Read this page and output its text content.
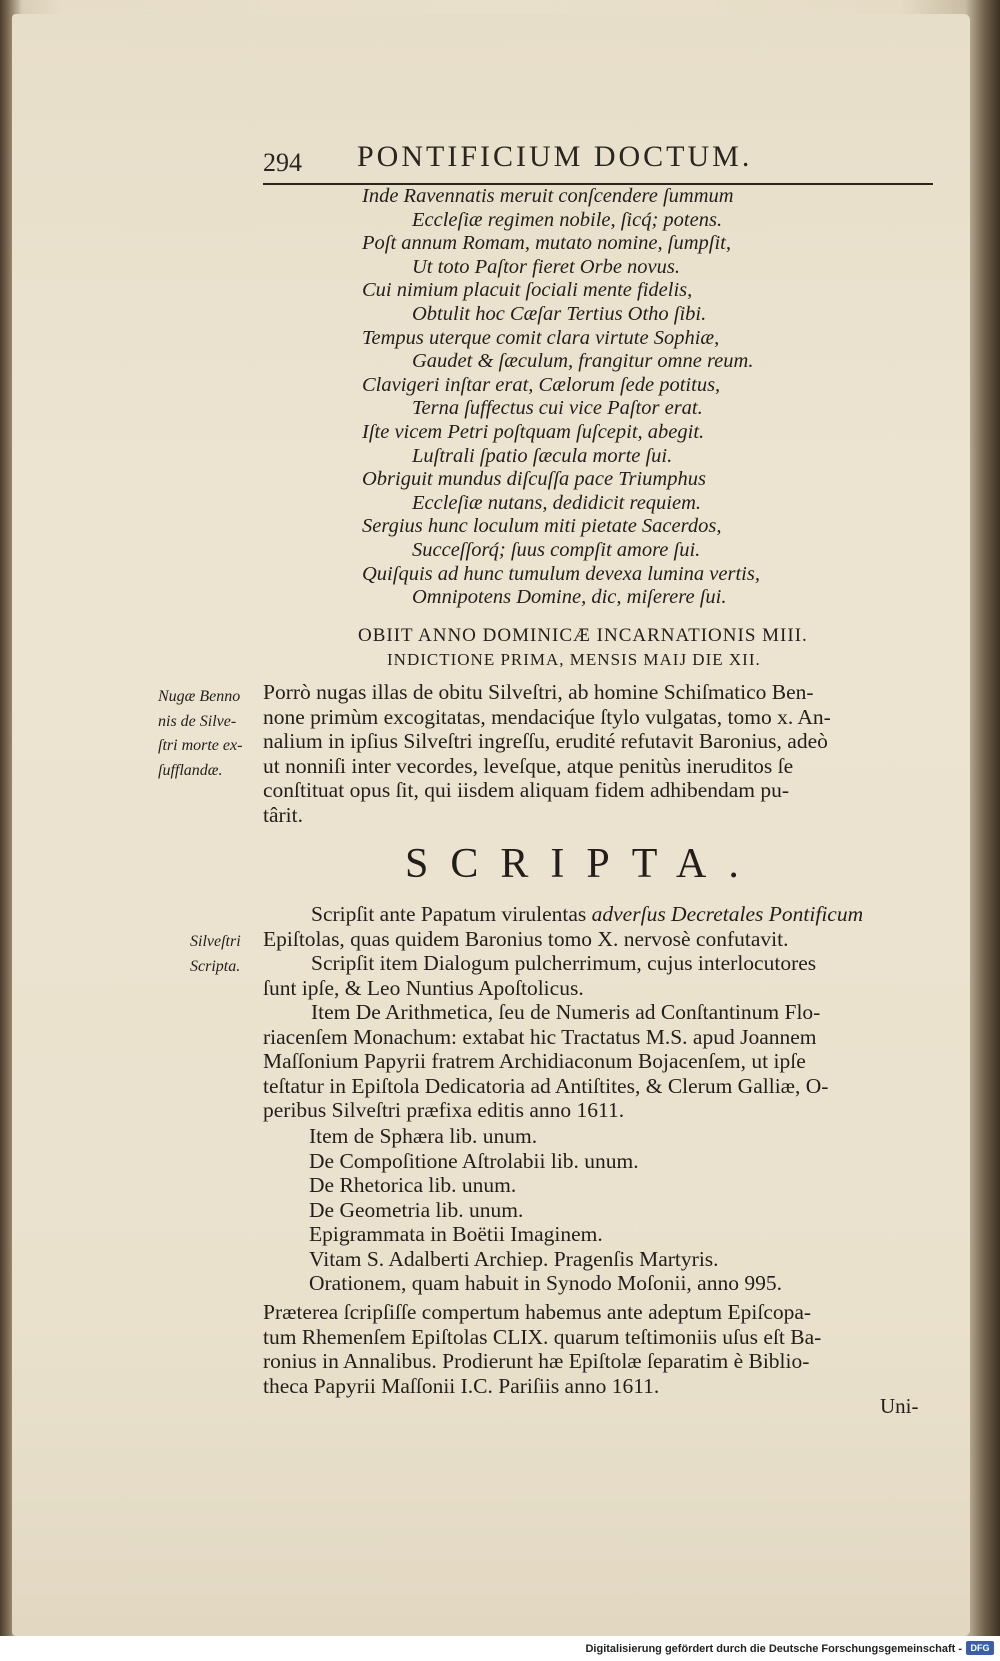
294 PONTIFICIUM DOCTUM.
Inde Ravennatis meruit conſcendere ſummum
Eccleſiæ regimen nobile, ſicq́; potens.
Poſt annum Romam, mutato nomine, ſumpſit,
Ut toto Paſtor fieret Orbe novus.
Cui nimium placuit ſociali mente fidelis,
Obtulit hoc Cæſar Tertius Otho ſibi.
Tempus uterque comit clara virtute Sophiæ,
Gaudet & ſæculum, frangitur omne reum.
Clavigeri inſtar erat, Cælorum ſede potitus,
Terna ſuffectus cui vice Paſtor erat.
Iſte vicem Petri poſtquam ſuſcepit, abegit.
Luſtrali ſpatio ſæcula morte ſui.
Obriguit mundus diſcuſſa pace Triumphus
Eccleſiæ nutans, dedidicit requiem.
Sergius hunc loculum miti pietate Sacerdos,
Succeſſorq́; ſuus compſit amore ſui.
Quiſquis ad hunc tumulum devexa lumina vertis,
Omnipotens Domine, dic, miſerere ſui.
OBIIT ANNO DOMINICÆ INCARNATIONIS MIII.
INDICTIONE PRIMA, MENSIS MAIJ DIE XII.
Nugæ Benno
nis de Silve-
ſtri morte ex-
ſufflandæ.
Porrò nugas illas de obitu Silveſtri, ab homine Schiſmatico Ben-
none primùm excogitatas, mendaciq́ue ſtylo vulgatas, tomo x. An-
nalium in ipſius Silveſtri ingreſſu, erudité refutavit Baronius, adeò
ut nonniſi inter vecordes, leveſque, atque penitùs ineruditos ſe
conſtituat opus ſit, qui iisdem aliquam fidem adhibendam pu-
târit.
SCRIPTA.
Silveſtri
Scripta.
Scripſit ante Papatum virulentas adverſus Decretales Pontificum
Epiſtolas, quas quidem Baronius tomo X. nervosè confutavit.
Scripſit item Dialogum pulcherrimum, cujus interlocutores
ſunt ipſe, & Leo Nuntius Apoſtolicus.
Item De Arithmetica, ſeu de Numeris ad Conſtantinum Flo-
riacenſem Monachum: extabat hic Tractatus M.S. apud Joannem
Maſſonium Papyrii fratrem Archidiaconum Bojacenſem, ut ipſe
teſtatur in Epiſtola Dedicatoria ad Antiſtites, & Clerum Galliæ, O-
peribus Silveſtri præfixa editis anno 1611.
Item de Sphæra lib. unum.
De Compoſitione Aſtrolabii lib. unum.
De Rhetorica lib. unum.
De Geometria lib. unum.
Epigrammata in Boëtii Imaginem.
Vitam S. Adalberti Archiep. Pragenſis Martyris.
Orationem, quam habuit in Synodo Moſonii, anno 995.
Præterea ſcripſiſſe compertum habemus ante adeptum Epiſcopa-
tum Rhemenſem Epiſtolas CLIX. quarum teſtimoniis uſus eſt Ba-
ronius in Annalibus. Prodierunt hæ Epiſtolæ ſeparatim è Biblio-
theca Papyrii Maſſonii I.C. Pariſiis anno 1611.
Uni-
Digitalisierung gefördert durch die Deutsche Forschungsgemeinschaft - DFG
